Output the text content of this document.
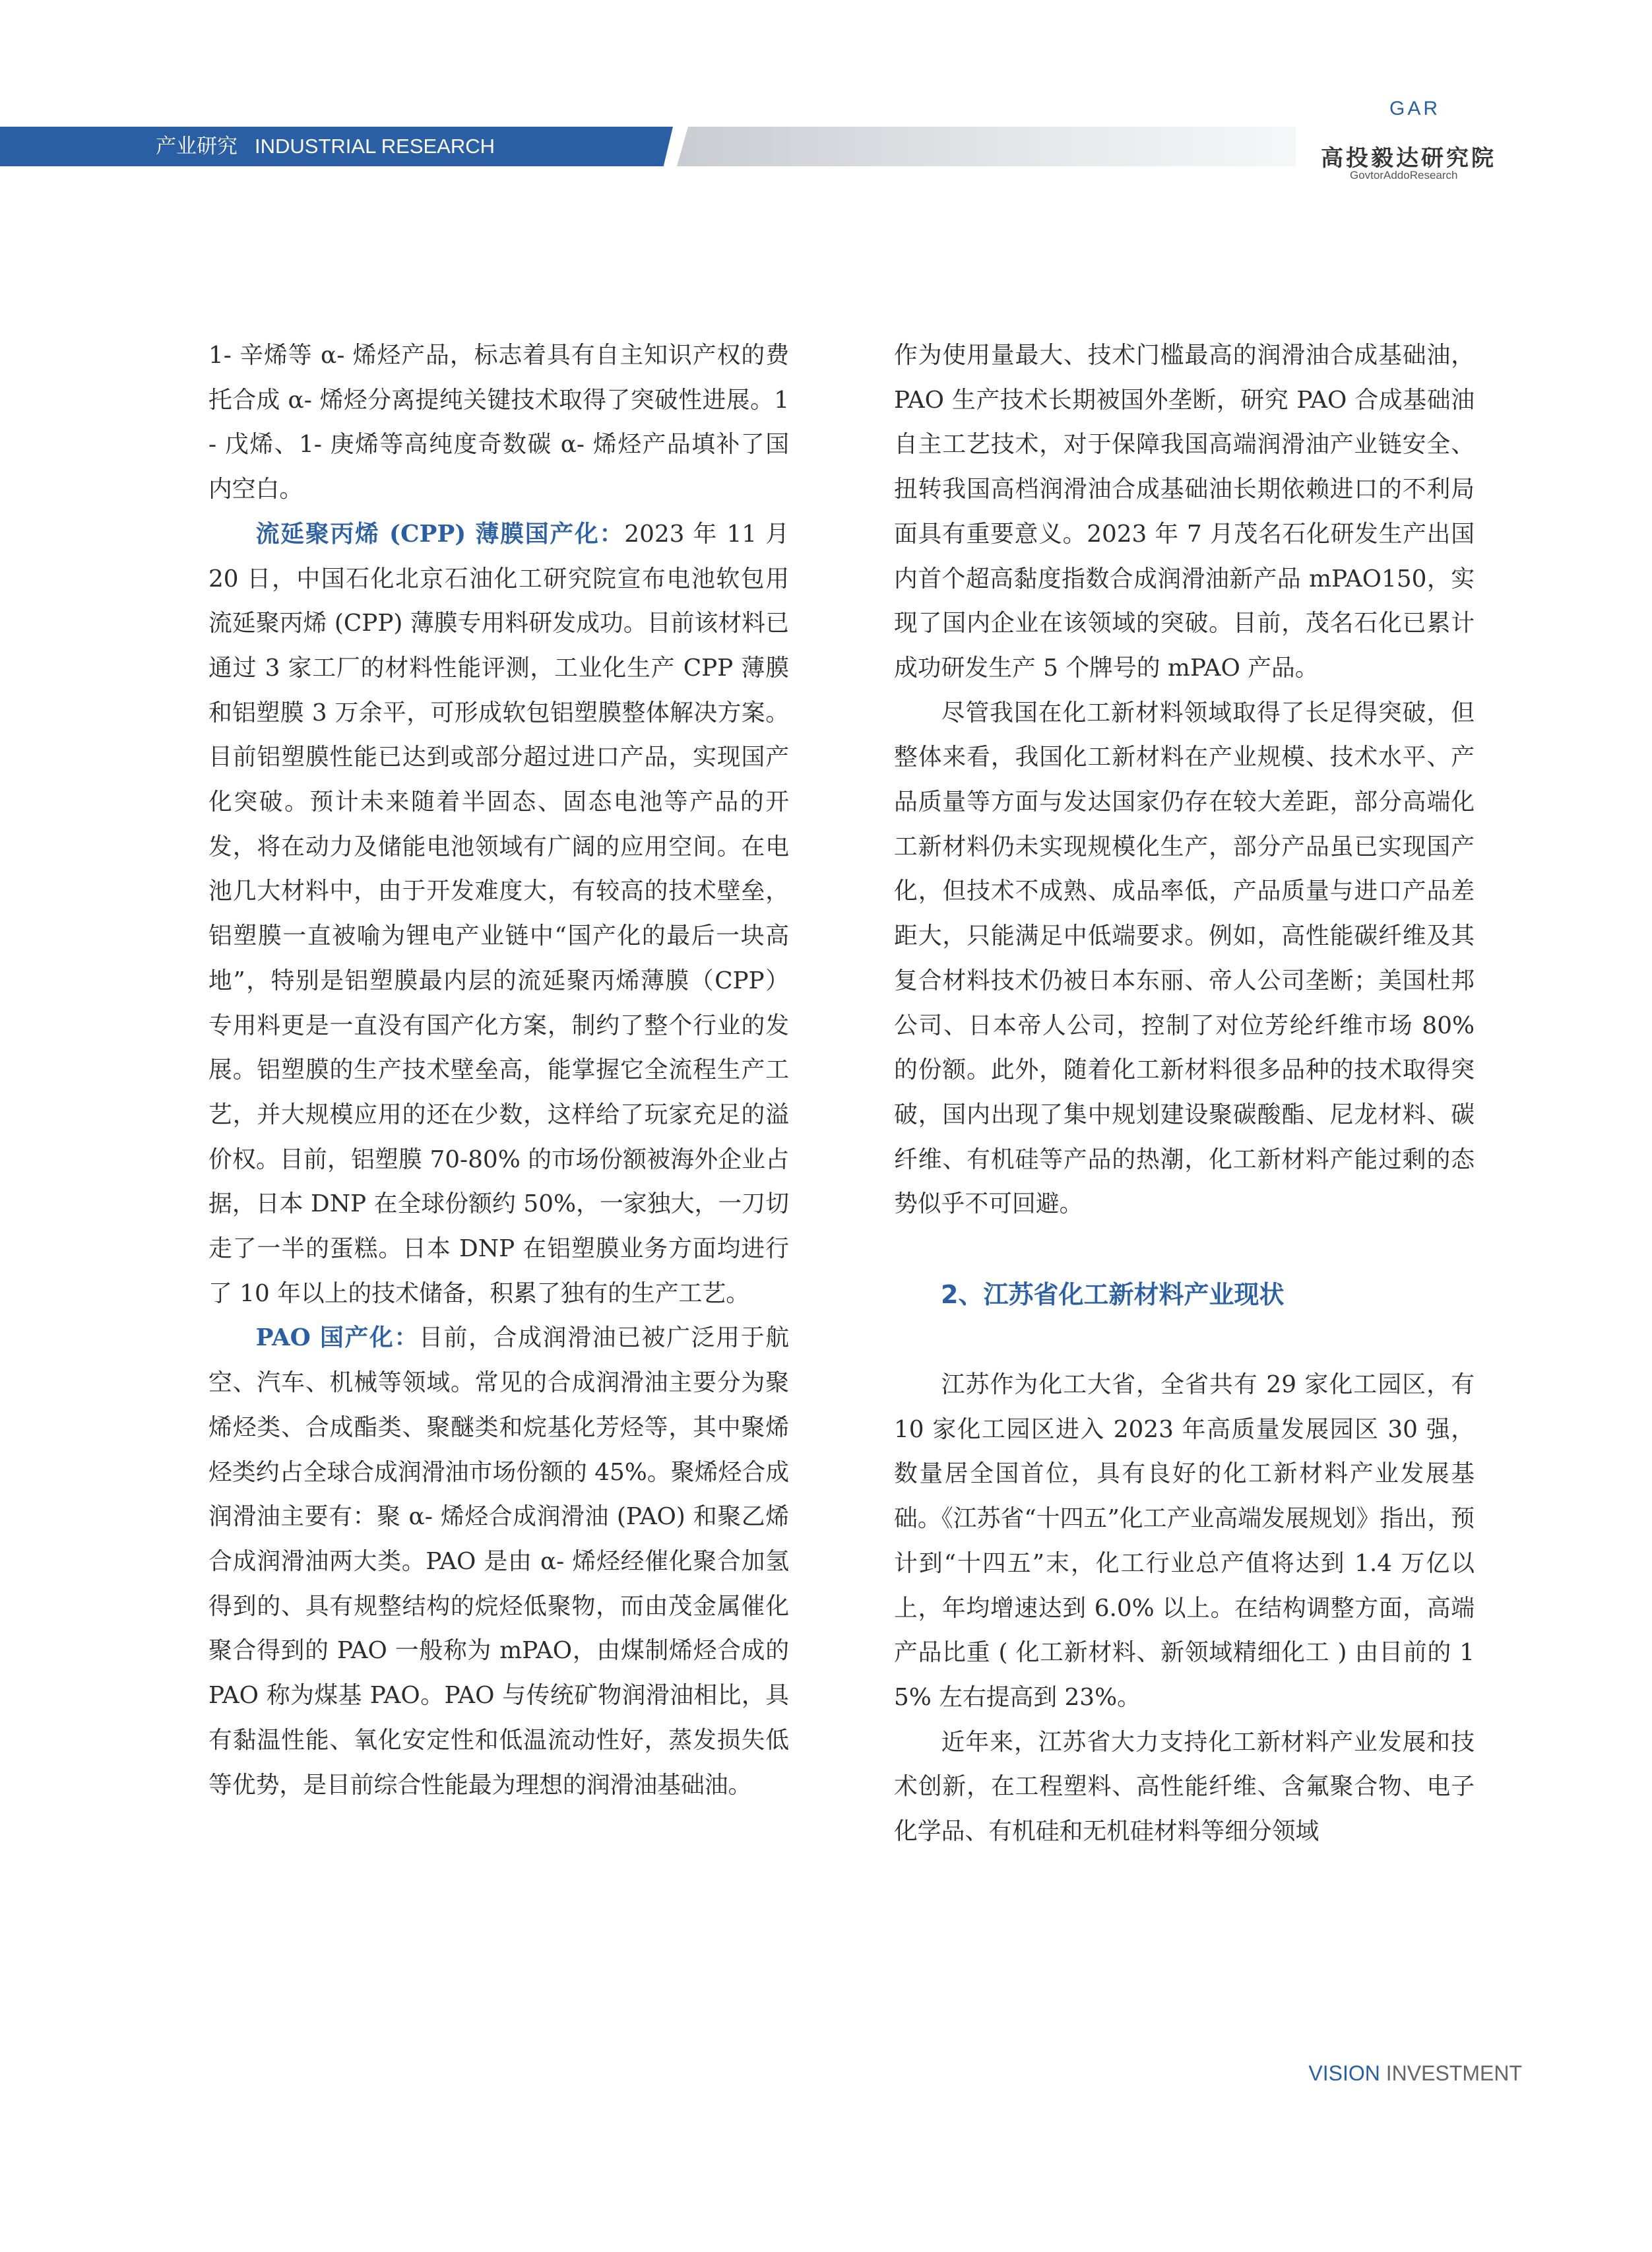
产业研究 INDUSTRIAL RESEARCH
GAR
高投毅达研究院
GovtorAddoResearch

1- 辛烯等 α- 烯烃产品，标志着具有自主知识产权的费托合成 α- 烯烃分离提纯关键技术取得了突破性进展。1- 戊烯、1- 庚烯等高纯度奇数碳 α- 烯烃产品填补了国内空白。

流延聚丙烯 (CPP) 薄膜国产化：2023 年 11 月 20 日，中国石化北京石油化工研究院宣布电池软包用流延聚丙烯 (CPP) 薄膜专用料研发成功。目前该材料已通过 3 家工厂的材料性能评测，工业化生产 CPP 薄膜和铝塑膜 3 万余平，可形成软包铝塑膜整体解决方案。目前铝塑膜性能已达到或部分超过进口产品，实现国产化突破。预计未来随着半固态、固态电池等产品的开发，将在动力及储能电池领域有广阔的应用空间。在电池几大材料中，由于开发难度大，有较高的技术壁垒，铝塑膜一直被喻为锂电产业链中“国产化的最后一块高地”，特别是铝塑膜最内层的流延聚丙烯薄膜（CPP）专用料更是一直没有国产化方案，制约了整个行业的发展。铝塑膜的生产技术壁垒高，能掌握它全流程生产工艺，并大规模应用的还在少数，这样给了玩家充足的溢价权。目前，铝塑膜 70-80% 的市场份额被海外企业占据，日本 DNP 在全球份额约 50%，一家独大，一刀切走了一半的蛋糕。日本 DNP 在铝塑膜业务方面均进行了 10 年以上的技术储备，积累了独有的生产工艺。

PAO 国产化：目前，合成润滑油已被广泛用于航空、汽车、机械等领域。常见的合成润滑油主要分为聚烯烃类、合成酯类、聚醚类和烷基化芳烃等，其中聚烯烃类约占全球合成润滑油市场份额的 45%。聚烯烃合成润滑油主要有：聚 α- 烯烃合成润滑油 (PAO) 和聚乙烯合成润滑油两大类。PAO 是由 α- 烯烃经催化聚合加氢得到的、具有规整结构的烷烃低聚物，而由茂金属催化聚合得到的 PAO 一般称为 mPAO，由煤制烯烃合成的 PAO 称为煤基 PAO。PAO 与传统矿物润滑油相比，具有黏温性能、氧化安定性和低温流动性好，蒸发损失低等优势，是目前综合性能最为理想的润滑油基础油。

作为使用量最大、技术门槛最高的润滑油合成基础油，PAO 生产技术长期被国外垄断，研究 PAO 合成基础油自主工艺技术，对于保障我国高端润滑油产业链安全、扭转我国高档润滑油合成基础油长期依赖进口的不利局面具有重要意义。2023 年 7 月茂名石化研发生产出国内首个超高黏度指数合成润滑油新产品 mPAO150，实现了国内企业在该领域的突破。目前，茂名石化已累计成功研发生产 5 个牌号的 mPAO 产品。

尽管我国在化工新材料领域取得了长足得突破，但整体来看，我国化工新材料在产业规模、技术水平、产品质量等方面与发达国家仍存在较大差距，部分高端化工新材料仍未实现规模化生产，部分产品虽已实现国产化，但技术不成熟、成品率低，产品质量与进口产品差距大，只能满足中低端要求。例如，高性能碳纤维及其复合材料技术仍被日本东丽、帝人公司垄断；美国杜邦公司、日本帝人公司，控制了对位芳纶纤维市场 80% 的份额。此外，随着化工新材料很多品种的技术取得突破，国内出现了集中规划建设聚碳酸酯、尼龙材料、碳纤维、有机硅等产品的热潮，化工新材料产能过剩的态势似乎不可回避。

2、江苏省化工新材料产业现状

江苏作为化工大省，全省共有 29 家化工园区，有 10 家化工园区进入 2023 年高质量发展园区 30 强，数量居全国首位，具有良好的化工新材料产业发展基础。《江苏省“十四五”化工产业高端发展规划》指出，预计到“十四五”末，化工行业总产值将达到 1.4 万亿以上，年均增速达到 6.0% 以上。在结构调整方面，高端产品比重 ( 化工新材料、新领域精细化工 ) 由目前的 15% 左右提高到 23%。

近年来，江苏省大力支持化工新材料产业发展和技术创新，在工程塑料、高性能纤维、含氟聚合物、电子化学品、有机硅和无机硅材料等细分领域

VISION INVESTMENT
